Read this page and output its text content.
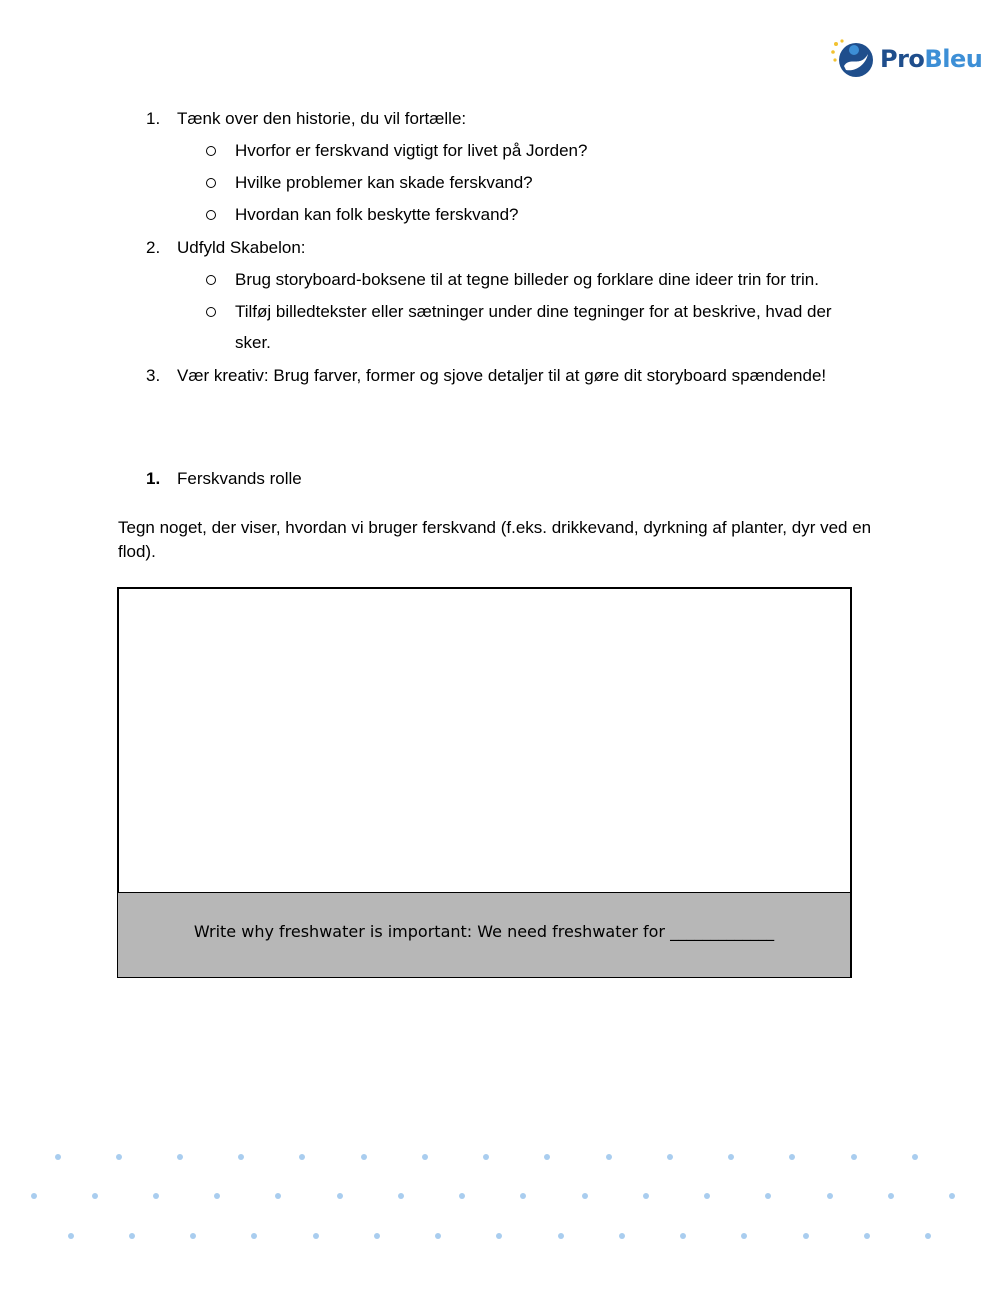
ProBleu
1. Tænk over den historie, du vil fortælle:
Hvorfor er ferskvand vigtigt for livet på Jorden?
Hvilke problemer kan skade ferskvand?
Hvordan kan folk beskytte ferskvand?
2. Udfyld Skabelon:
Brug storyboard-boksene til at tegne billeder og forklare dine ideer trin for trin.
Tilføj billedtekster eller sætninger under dine tegninger for at beskrive, hvad der
sker.
3. Vær kreativ: Brug farver, former og sjove detaljer til at gøre dit storyboard spændende!
1. Ferskvands rolle
Tegn noget, der viser, hvordan vi bruger ferskvand (f.eks. drikkevand, dyrkning af planter, dyr ved en flod).
Write why freshwater is important: We need freshwater for _____________
